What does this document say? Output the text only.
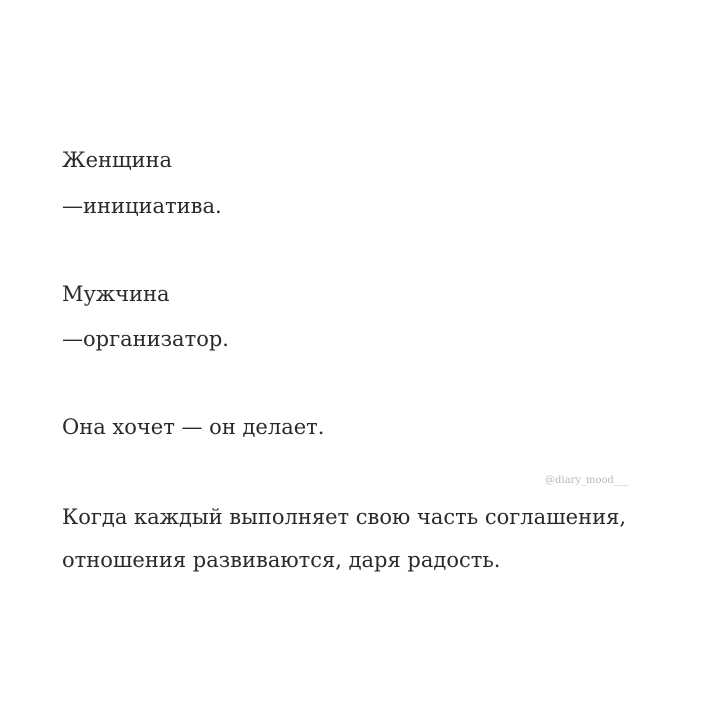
Женщина

—инициатива.

Мужчина

—организатор.

Она хочет — он делает.

@diary_mood___

Когда каждый выполняет свою часть соглашения,

отношения развиваются, даря радость.
